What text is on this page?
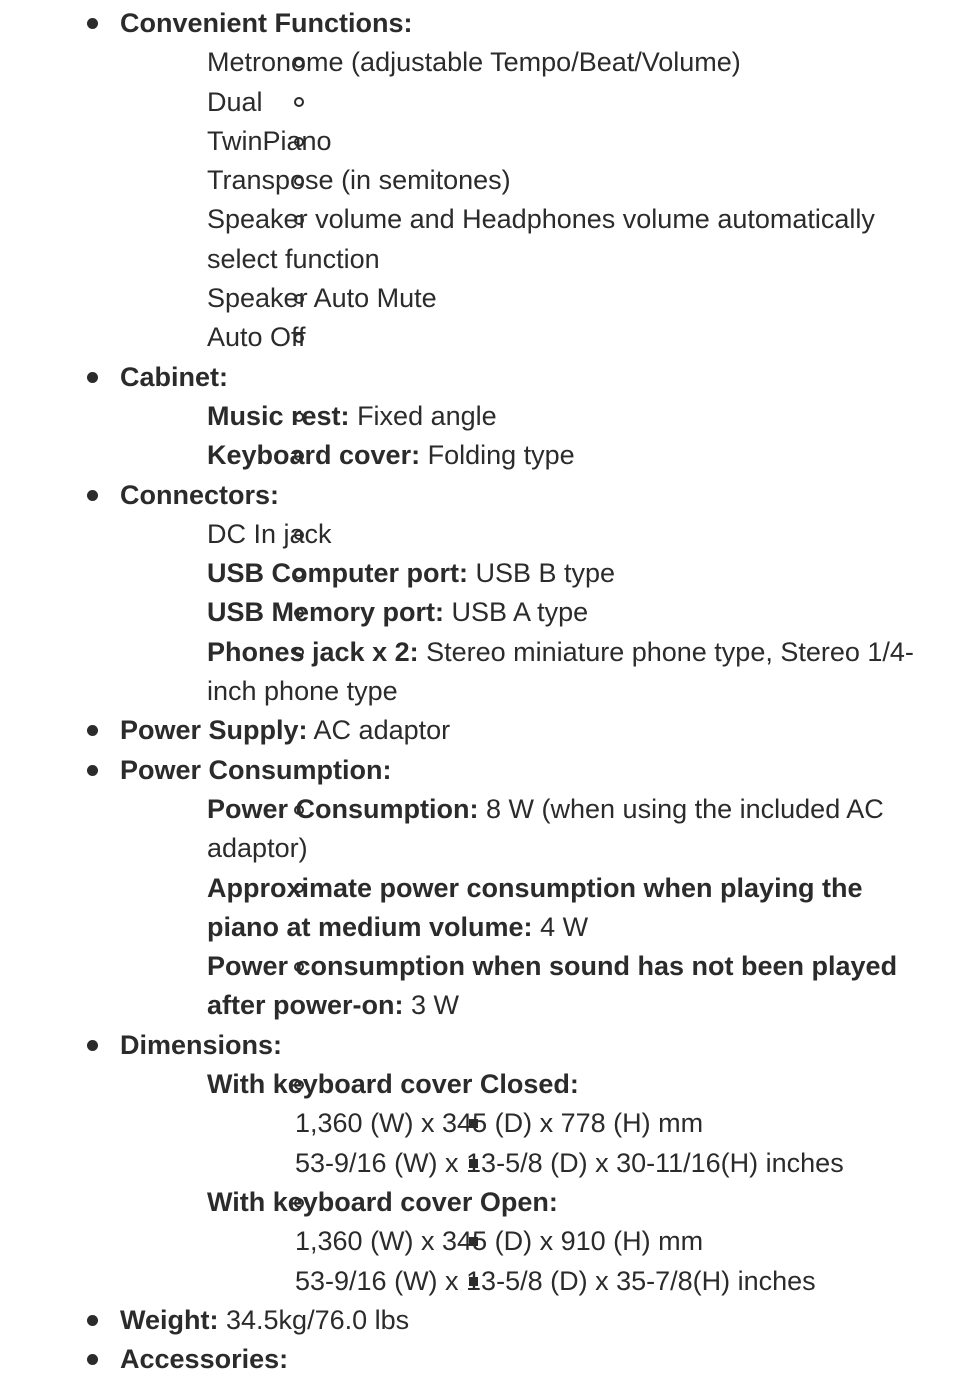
Convenient Functions:
Metronome (adjustable Tempo/Beat/Volume)
Dual
TwinPiano
Transpose (in semitones)
Speaker volume and Headphones volume automatically select function
Speaker Auto Mute
Auto Off
Cabinet:
Music rest: Fixed angle
Keyboard cover: Folding type
Connectors:
DC In jack
USB Computer port: USB B type
USB Memory port: USB A type
Phones jack x 2: Stereo miniature phone type, Stereo 1/4-inch phone type
Power Supply: AC adaptor
Power Consumption:
Power Consumption: 8 W (when using the included AC adaptor)
Approximate power consumption when playing the piano at medium volume: 4 W
Power consumption when sound has not been played after power-on: 3 W
Dimensions:
With keyboard cover Closed:
1,360 (W) x 345 (D) x 778 (H) mm
53-9/16 (W) x 13-5/8 (D) x 30-11/16(H) inches
With keyboard cover Open:
1,360 (W) x 345 (D) x 910 (H) mm
53-9/16 (W) x 13-5/8 (D) x 35-7/8(H) inches
Weight: 34.5kg/76.0 lbs
Accessories:
